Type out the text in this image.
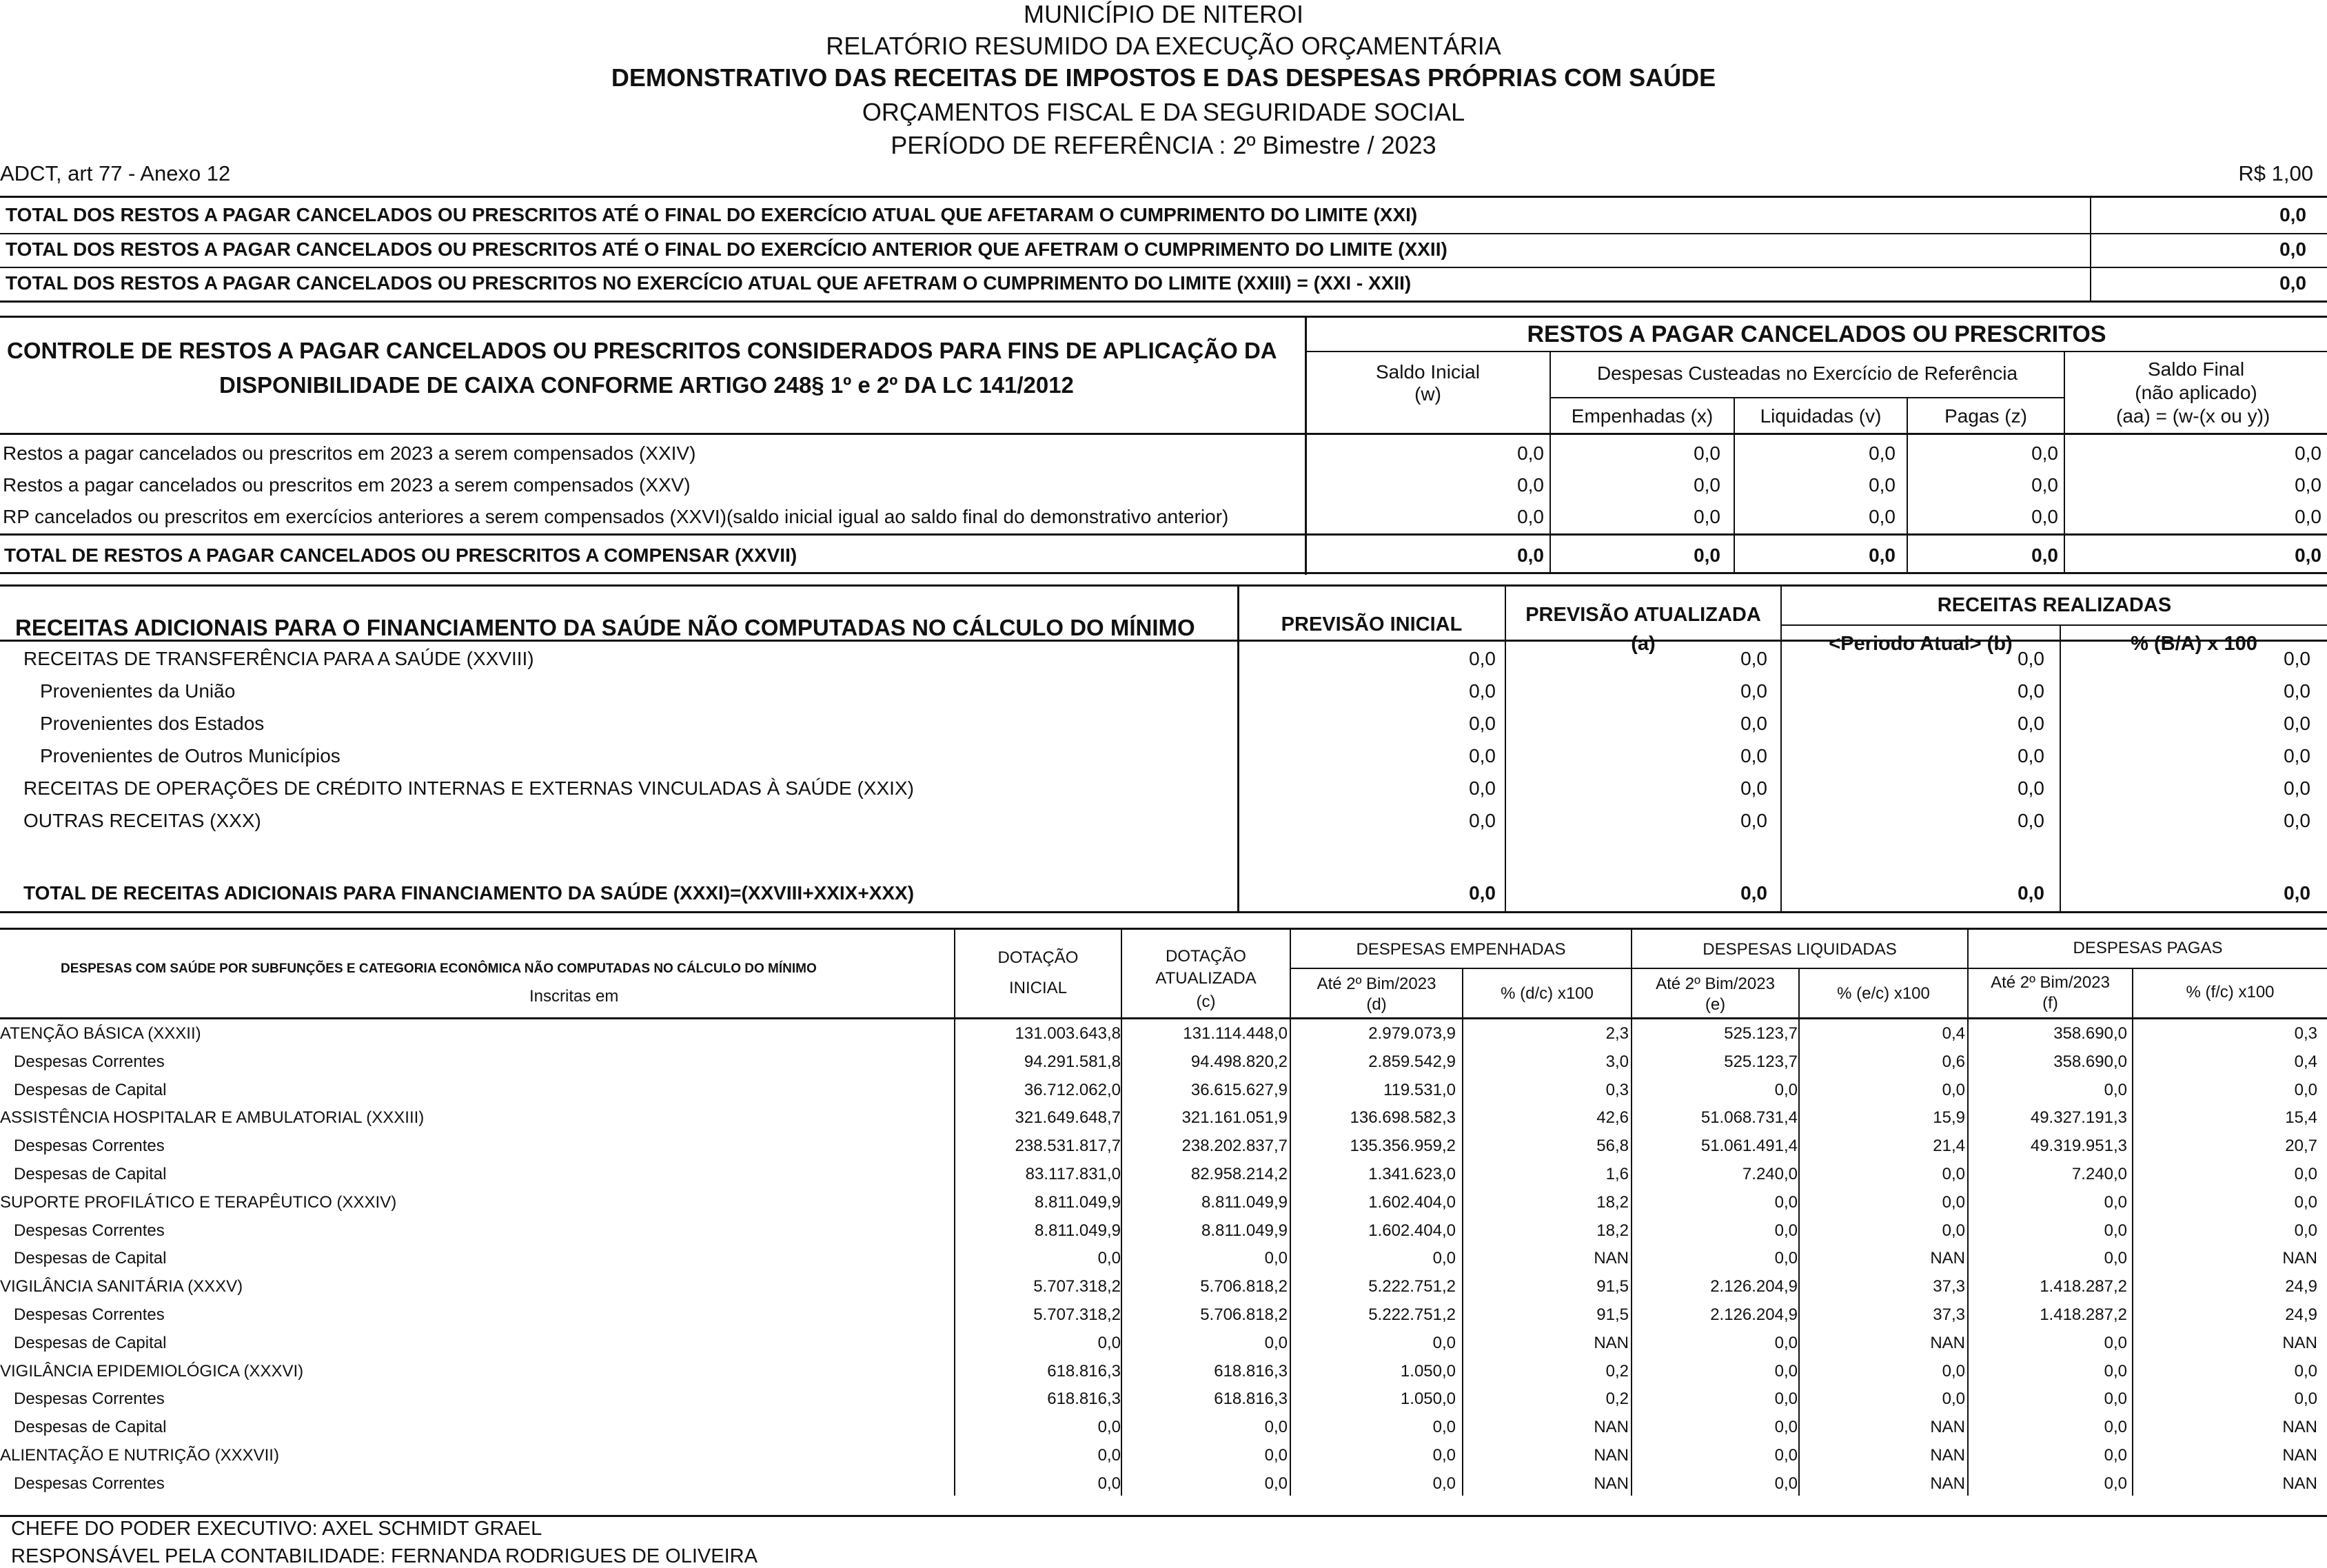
MUNICÍPIO DE NITEROI
RELATÓRIO RESUMIDO DA EXECUÇÃO ORÇAMENTÁRIA
DEMONSTRATIVO DAS RECEITAS DE IMPOSTOS E DAS DESPESAS PRÓPRIAS COM SAÚDE
ORÇAMENTOS FISCAL E DA SEGURIDADE SOCIAL
PERÍODO DE REFERÊNCIA : 2º Bimestre / 2023
ADCT, art 77 - Anexo 12	R$ 1,00
TOTAL DOS RESTOS A PAGAR CANCELADOS OU PRESCRITOS ATÉ O FINAL DO EXERCÍCIO ATUAL QUE AFETARAM O CUMPRIMENTO DO LIMITE (XXI)	0,0
TOTAL DOS RESTOS A PAGAR CANCELADOS OU PRESCRITOS ATÉ O FINAL DO EXERCÍCIO ANTERIOR QUE AFETRAM O CUMPRIMENTO DO LIMITE (XXII)	0,0
TOTAL DOS RESTOS A PAGAR CANCELADOS OU PRESCRITOS NO EXERCÍCIO ATUAL QUE AFETRAM O CUMPRIMENTO DO LIMITE (XXIII) = (XXI - XXII)	0,0
CONTROLE DE RESTOS A PAGAR CANCELADOS OU PRESCRITOS CONSIDERADOS PARA FINS DE APLICAÇÃO DA
DISPONIBILIDADE DE CAIXA CONFORME ARTIGO 248§ 1º e 2º DA LC 141/2012
RESTOS A PAGAR CANCELADOS OU PRESCRITOS
Saldo Inicial
(w)
Despesas Custeadas no Exercício de Referência
Empenhadas (x)	Liquidadas (v)	Pagas (z)
Saldo Final
(não aplicado)
(aa) = (w-(x ou y))
Restos a pagar cancelados ou prescritos em 2023 a serem compensados (XXIV)	0,0	0,0	0,0	0,0	0,0
Restos a pagar cancelados ou prescritos em 2023 a serem compensados (XXV)	0,0	0,0	0,0	0,0	0,0
RP cancelados ou prescritos em exercícios anteriores a serem compensados (XXVI)(saldo inicial igual ao saldo final do demonstrativo anterior)	0,0	0,0	0,0	0,0	0,0
TOTAL DE RESTOS A PAGAR CANCELADOS OU PRESCRITOS A COMPENSAR (XXVII)	0,0	0,0	0,0	0,0	0,0
RECEITAS ADICIONAIS PARA O FINANCIAMENTO DA SAÚDE NÃO COMPUTADAS NO CÁLCULO DO MÍNIMO	PREVISÃO INICIAL	PREVISÃO ATUALIZADA
(a)
RECEITAS REALIZADAS
<Periodo Atual> (b)	% (B/A) x 100
RECEITAS DE TRANSFERÊNCIA PARA A SAÚDE (XXVIII)	0,0	0,0	0,0	0,0
Provenientes da União	0,0	0,0	0,0	0,0
Provenientes dos Estados	0,0	0,0	0,0	0,0
Provenientes de Outros Municípios	0,0	0,0	0,0	0,0
RECEITAS DE OPERAÇÕES DE CRÉDITO INTERNAS E EXTERNAS VINCULADAS À SAÚDE (XXIX)	0,0	0,0	0,0	0,0
OUTRAS RECEITAS (XXX)	0,0	0,0	0,0	0,0
TOTAL DE RECEITAS ADICIONAIS PARA FINANCIAMENTO DA SAÚDE (XXXI)=(XXVIII+XXIX+XXX)	0,0	0,0	0,0	0,0
DESPESAS COM SAÚDE POR SUBFUNÇÕES E CATEGORIA ECONÔMICA NÃO COMPUTADAS NO CÁLCULO DO MÍNIMO
Inscritas em
DOTAÇÃO
INICIAL
DOTAÇÃO
ATUALIZADA
(c)
DESPESAS EMPENHADAS	DESPESAS LIQUIDADAS	DESPESAS PAGAS
Até 2º Bim/2023
(d)
% (d/c) x100
Até 2º Bim/2023
(e)
% (e/c) x100
Até 2º Bim/2023
(f)
% (f/c) x100
ATENÇÃO BÁSICA (XXXII)	131.003.643,8	131.114.448,0	2.979.073,9	2,3	525.123,7	0,4	358.690,0	0,3
Despesas Correntes	94.291.581,8	94.498.820,2	2.859.542,9	3,0	525.123,7	0,6	358.690,0	0,4
Despesas de Capital	36.712.062,0	36.615.627,9	119.531,0	0,3	0,0	0,0	0,0	0,0
ASSISTÊNCIA HOSPITALAR E AMBULATORIAL (XXXIII)	321.649.648,7	321.161.051,9	136.698.582,3	42,6	51.068.731,4	15,9	49.327.191,3	15,4
Despesas Correntes	238.531.817,7	238.202.837,7	135.356.959,2	56,8	51.061.491,4	21,4	49.319.951,3	20,7
Despesas de Capital	83.117.831,0	82.958.214,2	1.341.623,0	1,6	7.240,0	0,0	7.240,0	0,0
SUPORTE PROFILÁTICO E TERAPÊUTICO (XXXIV)	8.811.049,9	8.811.049,9	1.602.404,0	18,2	0,0	0,0	0,0	0,0
Despesas Correntes	8.811.049,9	8.811.049,9	1.602.404,0	18,2	0,0	0,0	0,0	0,0
Despesas de Capital	0,0	0,0	0,0	NAN	0,0	NAN	0,0	NAN
VIGILÂNCIA SANITÁRIA (XXXV)	5.707.318,2	5.706.818,2	5.222.751,2	91,5	2.126.204,9	37,3	1.418.287,2	24,9
Despesas Correntes	5.707.318,2	5.706.818,2	5.222.751,2	91,5	2.126.204,9	37,3	1.418.287,2	24,9
Despesas de Capital	0,0	0,0	0,0	NAN	0,0	NAN	0,0	NAN
VIGILÂNCIA EPIDEMIOLÓGICA (XXXVI)	618.816,3	618.816,3	1.050,0	0,2	0,0	0,0	0,0	0,0
Despesas Correntes	618.816,3	618.816,3	1.050,0	0,2	0,0	0,0	0,0	0,0
Despesas de Capital	0,0	0,0	0,0	NAN	0,0	NAN	0,0	NAN
ALIENTAÇÃO E NUTRIÇÃO (XXXVII)	0,0	0,0	0,0	NAN	0,0	NAN	0,0	NAN
Despesas Correntes	0,0	0,0	0,0	NAN	0,0	NAN	0,0	NAN
CHEFE DO PODER EXECUTIVO: AXEL SCHMIDT GRAEL
RESPONSÁVEL PELA CONTABILIDADE: FERNANDA RODRIGUES DE OLIVEIRA
